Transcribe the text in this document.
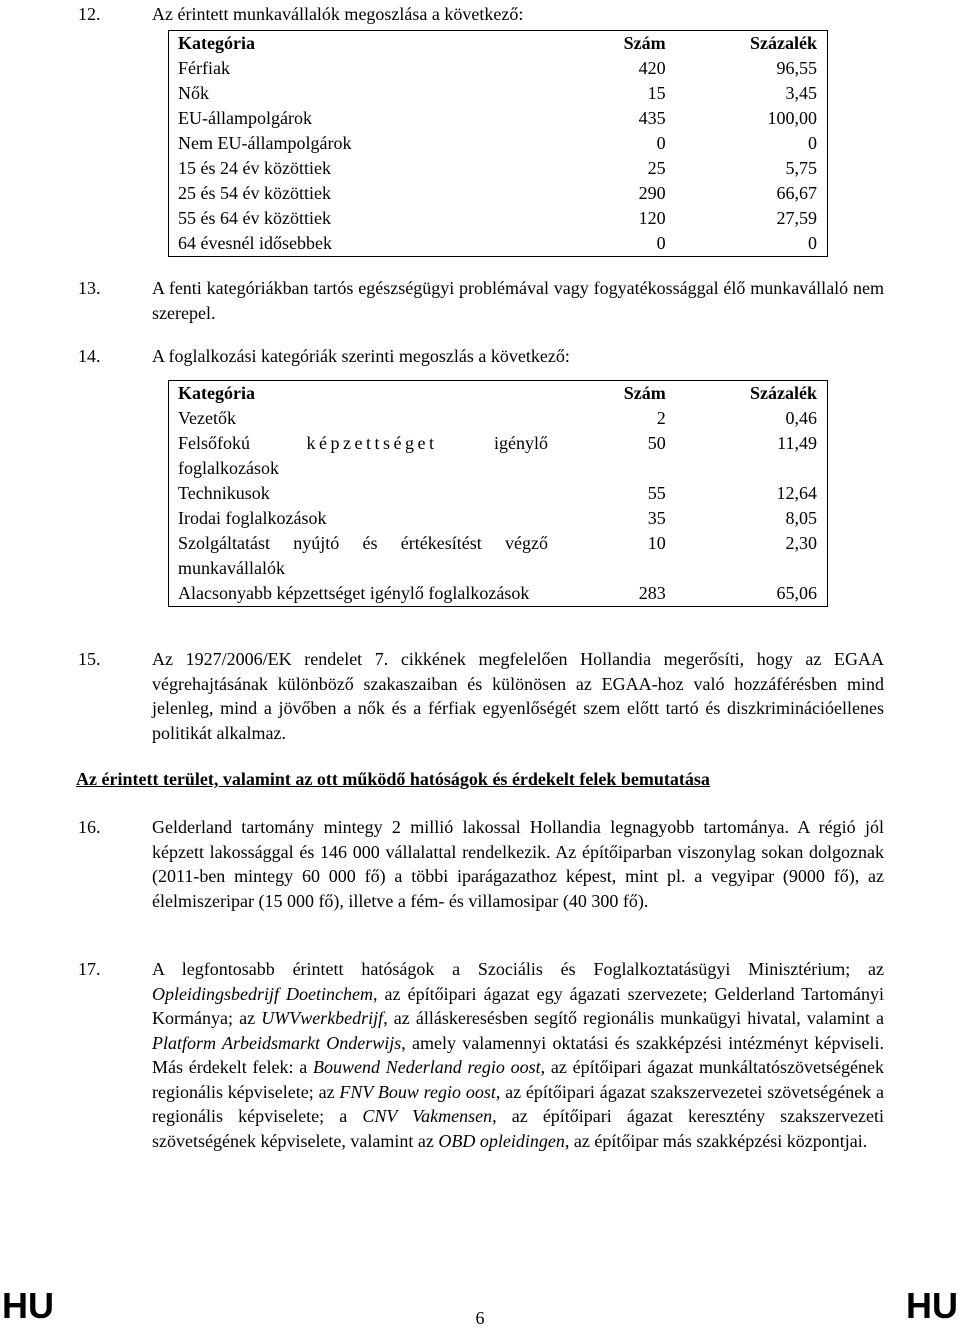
12.	Az érintett munkavállalók megoszlása a következő:
Kategória	Szám	Százalék
Férfiak	420	96,55
Nők	15	3,45
EU-állampolgárok	435	100,00
Nem EU-állampolgárok	0	0
15 és 24 év közöttiek	25	5,75
25 és 54 év közöttiek	290	66,67
55 és 64 év közöttiek	120	27,59
64 évesnél idősebbek	0	0
13.	A fenti kategóriákban tartós egészségügyi problémával vagy fogyatékossággal élő munkavállaló nem szerepel.
14.	A foglalkozási kategóriák szerinti megoszlás a következő:
Kategória	Szám	Százalék
Vezetők	2	0,46

Felsőfokú képzettséget igénylő
foglalkozások	50	11,49
Technikusok	55	12,64
Irodai foglalkozások	35	8,05
Szolgáltatást nyújtó és értékesítést végző munkavállalók	10	2,30
Alacsonyabb képzettséget igénylő foglalkozások	283	65,06
15.	Az 1927/2006/EK rendelet 7. cikkének megfelelően Hollandia megerősíti, hogy az EGAA végrehajtásának különböző szakaszaiban és különösen az EGAA-hoz való hozzáférésben mind jelenleg, mind a jövőben a nők és a férfiak egyenlőségét szem előtt tartó és diszkriminációellenes politikát alkalmaz.
Az érintett terület, valamint az ott működő hatóságok és érdekelt felek bemutatása
16.	Gelderland tartomány mintegy 2 millió lakossal Hollandia legnagyobb tartománya. A régió jól képzett lakossággal és 146 000 vállalattal rendelkezik. Az építőiparban viszonylag sokan dolgoznak (2011-ben mintegy 60 000 fő) a többi iparágazathoz képest, mint pl. a vegyipar (9000 fő), az élelmiszeripar (15 000 fő), illetve a fém- és villamosipar (40 300 fő).
17.	A legfontosabb érintett hatóságok a Szociális és Foglalkoztatásügyi Minisztérium; az Opleidingsbedrijf Doetinchem, az építőipari ágazat egy ágazati szervezete; Gelderland Tartományi Kormánya; az UWVwerkbedrijf, az álláskeresésben segítő regionális munkaügyi hivatal, valamint a Platform Arbeidsmarkt Onderwijs, amely valamennyi oktatási és szakképzési intézményt képviseli. Más érdekelt felek: a Bouwend Nederland regio oost, az építőipari ágazat munkáltatószövetségének regionális képviselete; az FNV Bouw regio oost, az építőipari ágazat szakszervezetei szövetségének a regionális képviselete; a CNV Vakmensen, az építőipari ágazat keresztény szakszervezeti szövetségének képviselete, valamint az OBD opleidingen, az építőipar más szakképzési központjai.
HU	6	HU
